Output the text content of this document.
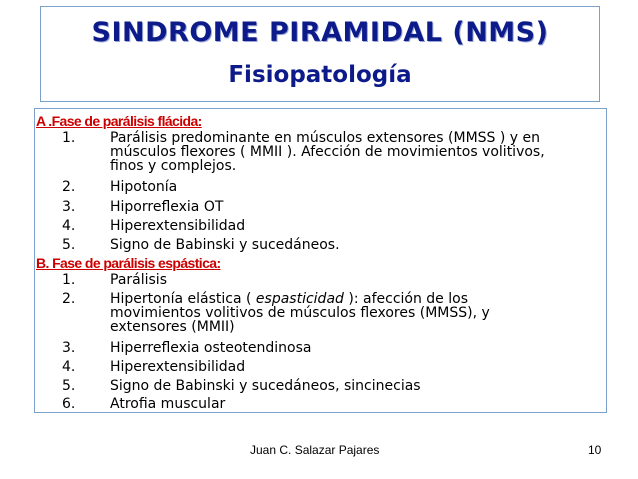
SINDROME PIRAMIDAL (NMS)
Fisiopatología
A .Fase de parálisis flácida:
1.	Parálisis predominante en músculos extensores (MMSS ) y en
músculos flexores ( MMII ). Afección de movimientos volitivos,
finos y complejos.
2.	Hipotonía
3.	Hiporreflexia OT
4.	Hiperextensibilidad
5.	Signo de Babinski y sucedáneos.
B. Fase de parálisis espástica:
1.	Parálisis
2.	Hipertonía elástica ( espasticidad ): afección de los
movimientos volitivos de músculos flexores (MMSS), y
extensores (MMII)
3.	Hiperreflexia osteotendinosa
4.	Hiperextensibilidad
5.	Signo de Babinski y sucedáneos, sincinecias
6.	Atrofia muscular
Juan C. Salazar Pajares	10
